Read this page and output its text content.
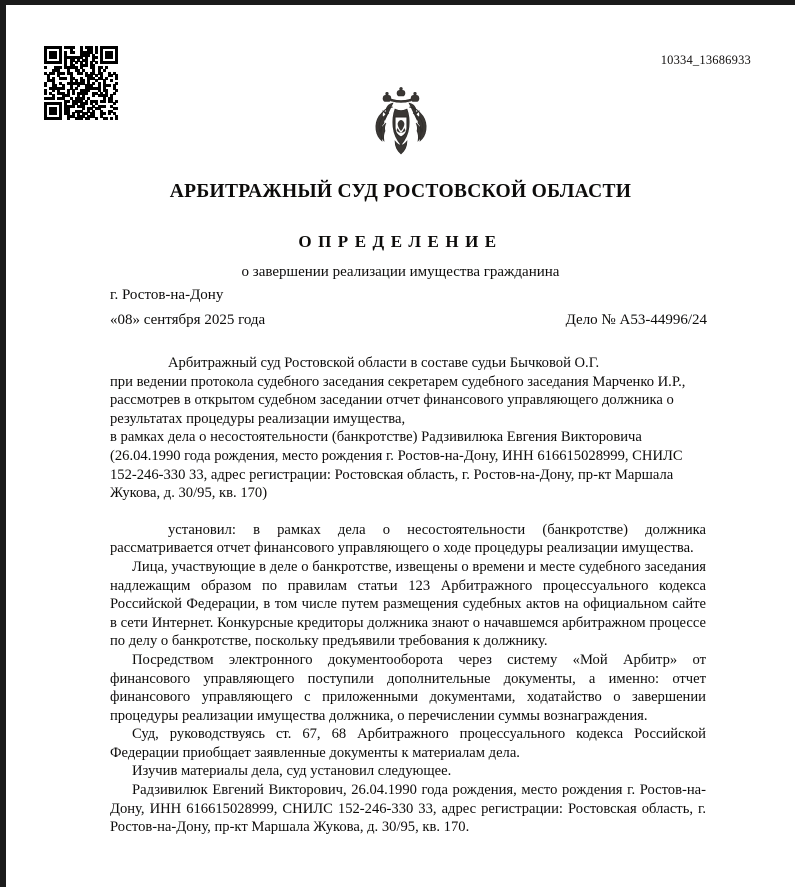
10334_13686933
АРБИТРАЖНЫЙ СУД РОСТОВСКОЙ ОБЛАСТИ
ОПРЕДЕЛЕНИЕ
о завершении реализации имущества гражданина
г. Ростов-на-Дону
«08» сентября 2025 года	Дело № А53-44996/24

Арбитражный суд Ростовской области в составе судьи Бычковой О.Г.

при ведении протокола судебного заседания секретарем судебного заседания Марченко И.Р.,

рассмотрев в открытом судебном заседании отчет финансового управляющего должника о результатах процедуры реализации имущества,

в рамках дела о несостоятельности (банкротстве) Радзивилюка Евгения Викторовича (26.04.1990 года рождения, место рождения г. Ростов-на-Дону, ИНН 616615028999, СНИЛС 152-246-330 33, адрес регистрации: Ростовская область, г. Ростов-на-Дону, пр-кт Маршала Жукова, д. 30/95, кв. 170)

установил: в рамках дела о несостоятельности (банкротстве) должника рассматривается отчет финансового управляющего о ходе процедуры реализации имущества.

Лица, участвующие в деле о банкротстве, извещены о времени и месте судебного заседания надлежащим образом по правилам статьи 123 Арбитражного процессуального кодекса Российской Федерации, в том числе путем размещения судебных актов на официальном сайте в сети Интернет. Конкурсные кредиторы должника знают о начавшемся арбитражном процессе по делу о банкротстве, поскольку предъявили требования к должнику.

Посредством электронного документооборота через систему «Мой Арбитр» от финансового управляющего поступили дополнительные документы, а именно: отчет финансового управляющего с приложенными документами, ходатайство о завершении процедуры реализации имущества должника, о перечислении суммы вознаграждения.

Суд, руководствуясь ст. 67, 68 Арбитражного процессуального кодекса Российской Федерации приобщает заявленные документы к материалам дела.

Изучив материалы дела, суд установил следующее.

Радзивилюк Евгений Викторович, 26.04.1990 года рождения, место рождения г. Ростов-на-Дону, ИНН 616615028999, СНИЛС 152-246-330 33, адрес регистрации: Ростовская область, г. Ростов-на-Дону, пр-кт Маршала Жукова, д. 30/95, кв. 170.
